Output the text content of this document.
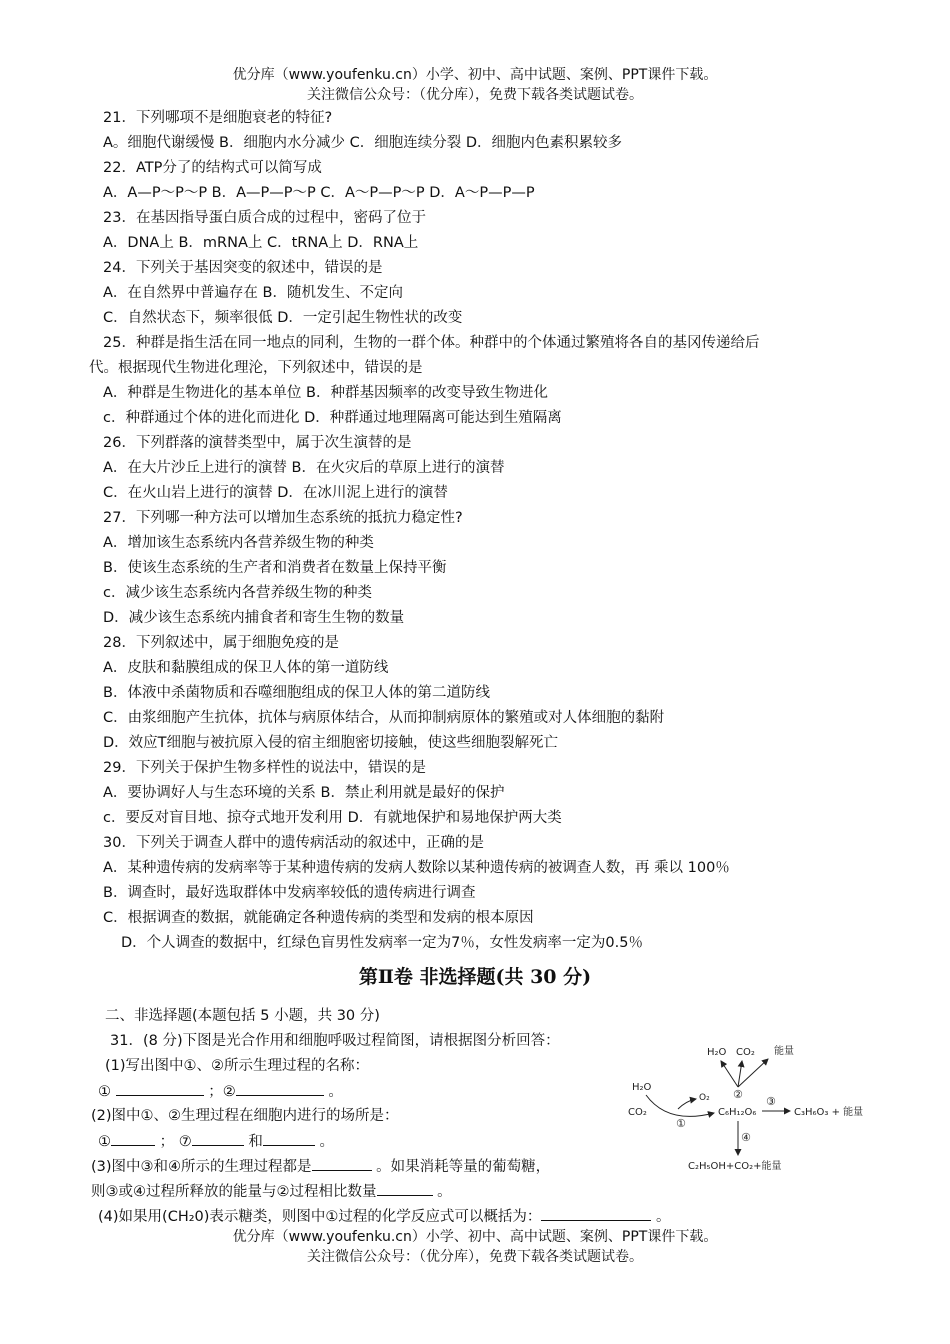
优分库（www.youfenku.cn）小学、初中、高中试题、案例、PPT课件下载。
关注微信公众号：（优分库），免费下载各类试题试卷。
21．下列哪项不是细胞衰老的特征?
A。细胞代谢缓慢 B．细胞内水分减少 C．细胞连续分裂 D．细胞内色素积累较多
22．ATP分了的结构式可以简写成
A．A—P～P～P B．A—P—P～P C．A～P—P～P D．A～P—P—P
23．在基因指导蛋白质合成的过程中，密码了位于
A．DNA上 B．mRNA上 C．tRNA上 D．RNA上
24．下列关于基因突变的叙述中，错误的是
A．在自然界中普遍存在 B．随机发生、不定向
C．自然状态下，频率很低 D．一定引起生物性状的改变
25．种群是指生活在同一地点的同利，生物的一群个体。种群中的个体通过繁殖将各自的基冈传递给后
代。根据现代生物进化理沦，下列叙述中，错误的是
A．种群是生物进化的基本单位 B．种群基因频率的改变导致生物进化
c．种群通过个体的进化而进化 D．种群通过地理隔离可能达到生殖隔离
26．下列群落的演替类型中，属于次生演替的是
A．在大片沙丘上进行的演替 B．在火灾后的草原上进行的演替
C．在火山岩上进行的演替 D．在冰川泥上进行的演替
27．下列哪一种方法可以增加生态系统的抵抗力稳定性?
A．增加该生态系统内各营养级生物的种类
B．使该生态系统的生产者和消费者在数量上保持平衡
c．减少该生态系统内各营养级生物的种类
D．减少该生态系统内捕食者和寄生生物的数量
28．下列叙述中，属于细胞免疫的是
A．皮肤和黏膜组成的保卫人体的第一道防线
B．体液中杀菌物质和吞噬细胞组成的保卫人体的第二道防线
C．由浆细胞产生抗体，抗体与病原体结合，从而抑制病原体的繁殖或对人体细胞的黏附
D．效应T细胞与被抗原入侵的宿主细胞密切接触，使这些细胞裂解死亡
29．下列关于保护生物多样性的说法中，错误的是
A．要协调好人与生态环境的关系 B．禁止利用就是最好的保护
c．要反对盲目地、掠夺式地开发利用 D．有就地保护和易地保护两大类
30．下列关于调查人群中的遗传病活动的叙述中，正确的是
A．某种遗传病的发病率等于某种遗传病的发病人数除以某种遗传病的被调查人数，再 乘以 100％
B．调查时，最好选取群体中发病率较低的遗传病进行调查
C．根据调查的数据，就能确定各种遗传病的类型和发病的根本原因
D．个人调查的数据中，红绿色盲男性发病率一定为7％，女性发病率一定为0.5％
第Ⅱ卷 非选择题(共 30 分)
二、非选择题(本题包括 5 小题，共 30 分)
31．(8 分)下图是光合作用和细胞呼吸过程简图，请根据图分析回答：
(1)写出图中①、②所示生理过程的名称：
①	；②	。
(2)图中①、②生理过程在细胞内进行的场所是：
①	； ⑦	和	。
(3)图中③和④所示的生理过程都是	。如果消耗等量的葡萄糖，
则③或④过程所释放的能量与②过程相比数量	。
(4)如果用(CH₂0)表示糖类，则图中①过程的化学反应式可以概括为：	。
H₂O CO₂ 能量
②
H₂O
CO₂
O₂
①
C₆H₁₂O₆
③
C₃H₆O₃ + 能量
④
C₂H₅OH+CO₂+能量
优分库（www.youfenku.cn）小学、初中、高中试题、案例、PPT课件下载。
关注微信公众号：（优分库），免费下载各类试题试卷。
